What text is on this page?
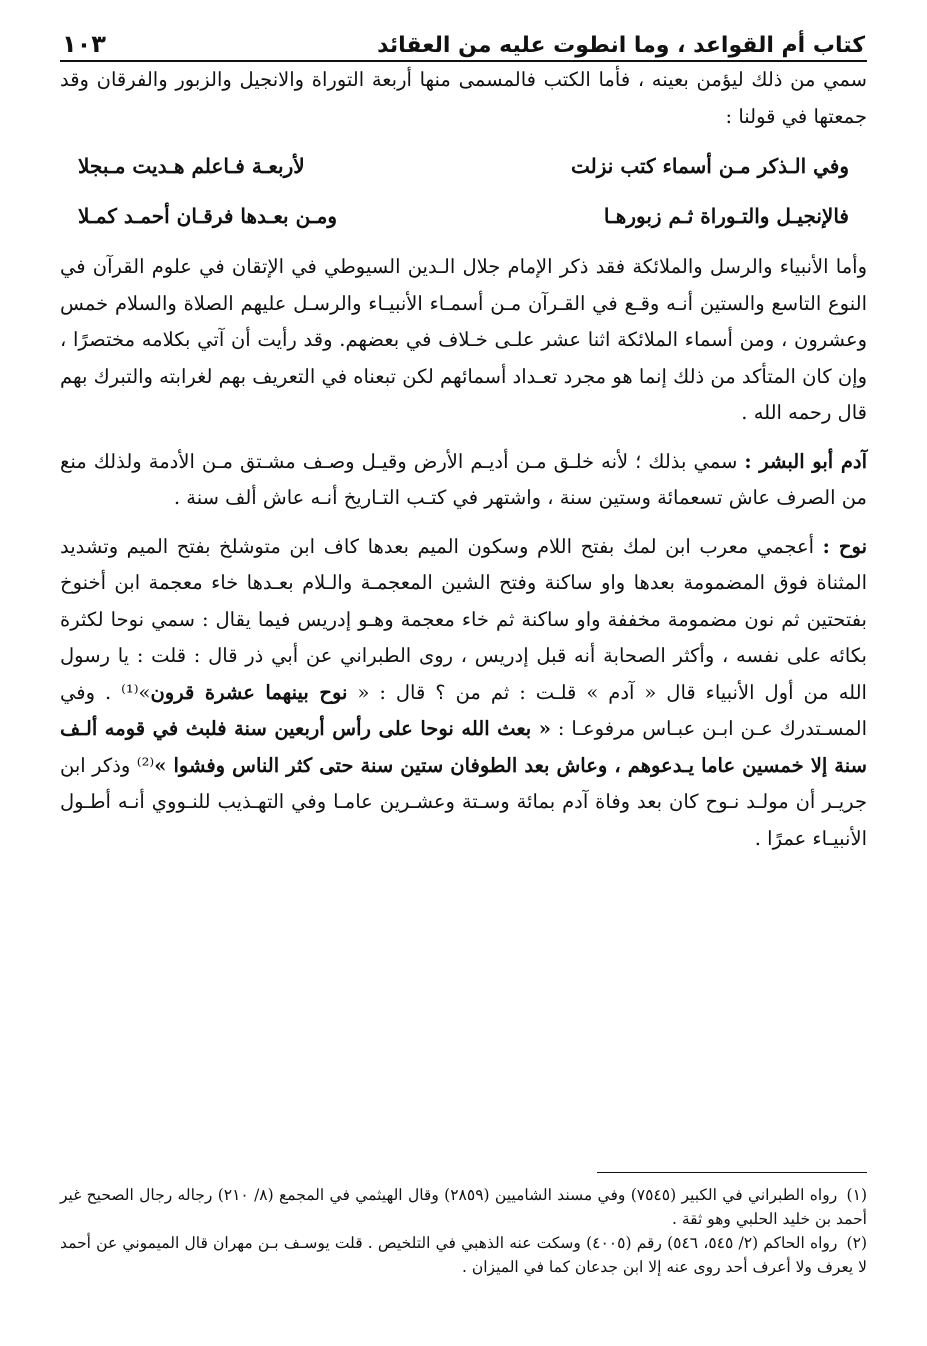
كتاب أم القواعد ، وما انطوت عليه من العقائد
١٠٣

سمي من ذلك ليؤمن بعينه ، فأما الكتب فالمسمى منها أربعة التوراة والانجيل والزبور والفرقان وقد جمعتها في قولنا :

وفي الـذكر مـن أسماء كتب نزلت
لأربعـة فـاعلم هـديت مـبجلا
فالإنجيـل والتـوراة ثـم زبورهـا
ومـن بعـدها فرقـان أحمـد كمـلا

وأما الأنبياء والرسل والملائكة فقد ذكر الإمام جلال الـدين السيوطي في الإتقان في علوم القرآن في النوع التاسع والستين أنـه وقـع في القـرآن مـن أسمـاء الأنبيـاء والرسـل عليهم الصلاة والسلام خمس وعشرون ، ومن أسماء الملائكة اثنا عشر علـى خـلاف في بعضهم. وقد رأيت أن آتي بكلامه مختصرًا ، وإن كان المتأكد من ذلك إنما هو مجرد تعـداد أسمائهم لكن تبعناه في التعريف بهم لغرابته والتبرك بهم قال رحمه الله .

آدم أبو البشر : سمي بذلك ؛ لأنه خلـق مـن أديـم الأرض وقيـل وصـف مشـتق مـن الأدمة ولذلك منع من الصرف عاش تسعمائة وستين سنة ، واشتهر في كتـب التـاريخ أنـه عاش ألف سنة .

نوح : أعجمي معرب ابن لمك بفتح اللام وسكون الميم بعدها كاف ابن متوشلخ بفتح الميم وتشديد المثناة فوق المضمومة بعدها واو ساكنة وفتح الشين المعجمـة والـلام بعـدها خاء معجمة ابن أخنوخ بفتحتين ثم نون مضمومة مخففة واو ساكنة ثم خاء معجمة وهـو إدريس فيما يقال : سمي نوحا لكثرة بكائه على نفسه ، وأكثر الصحابة أنه قبل إدريس ، روى الطبراني عن أبي ذر قال : قلت : يا رسول الله من أول الأنبياء قال « آدم » قلـت : ثم من ؟ قال : « نوح بينهما عشرة قرون»⁽¹⁾ . وفي المسـتدرك عـن ابـن عبـاس مرفوعـا : « بعث الله نوحا على رأس أربعين سنة فلبث في قومه ألـف سنة إلا خمسين عاما يـدعوهم ، وعاش بعد الطوفان ستين سنة حتى كثر الناس وفشوا »⁽²⁾ وذكر ابن جريـر أن مولـد نـوح كان بعد وفاة آدم بمائة وسـتة وعشـرين عامـا وفي التهـذيب للنـووي أنـه أطـول الأنبيـاء عمرًا .

(١) رواه الطبراني في الكبير (٧٥٤٥) وفي مسند الشاميين (٢٨٥٩) وقال الهيثمي في المجمع (٨/ ٢١٠) رجاله رجال الصحيح غير أحمد بن خليد الحلبي وهو ثقة .

(٢) رواه الحاكم (٢/ ٥٤٥، ٥٤٦) رقم (٤٠٠٥) وسكت عنه الذهبي في التلخيص . قلت يوسـف بـن مهران قال الميموني عن أحمد لا يعرف ولا أعرف أحد روى عنه إلا ابن جدعان كما في الميزان .
